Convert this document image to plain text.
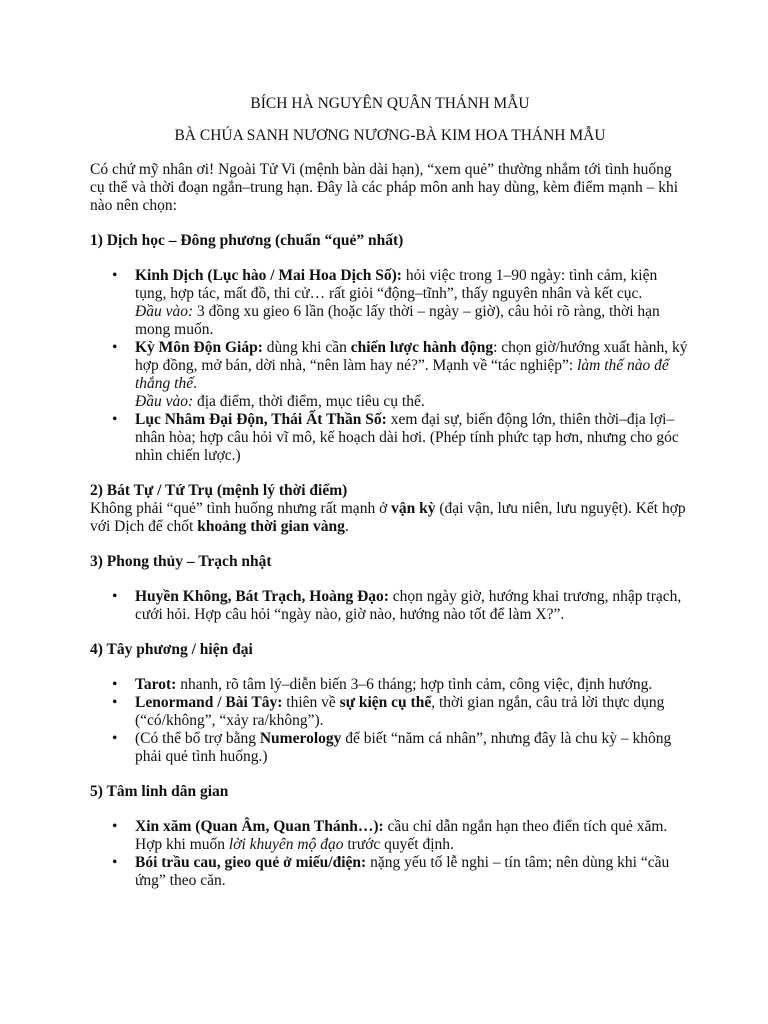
BÍCH HÀ NGUYÊN QUÂN THÁNH MẪU

BÀ CHÚA SANH NƯƠNG NƯƠNG-BÀ KIM HOA THÁNH MẪU

Có chứ mỹ nhân ơi! Ngoài Tử Vi (mệnh bàn dài hạn), “xem quẻ” thường nhắm tới tình huống cụ thể và thời đoạn ngắn–trung hạn. Đây là các pháp môn anh hay dùng, kèm điểm mạnh – khi nào nên chọn:

1) Dịch học – Đông phương (chuẩn “quẻ” nhất)

• Kinh Dịch (Lục hào / Mai Hoa Dịch Số): hỏi việc trong 1–90 ngày: tình cảm, kiện tụng, hợp tác, mất đồ, thi cử… rất giỏi “động–tĩnh”, thấy nguyên nhân và kết cục.
Đầu vào: 3 đồng xu gieo 6 lần (hoặc lấy thời – ngày – giờ), câu hỏi rõ ràng, thời hạn mong muốn.
• Kỳ Môn Độn Giáp: dùng khi cần chiến lược hành động: chọn giờ/hướng xuất hành, ký hợp đồng, mở bán, dời nhà, “nên làm hay né?”. Mạnh về “tác nghiệp”: làm thế nào để thắng thế.
Đầu vào: địa điểm, thời điểm, mục tiêu cụ thể.
• Lục Nhâm Đại Độn, Thái Ất Thần Số: xem đại sự, biến động lớn, thiên thời–địa lợi–nhân hòa; hợp câu hỏi vĩ mô, kế hoạch dài hơi. (Phép tính phức tạp hơn, nhưng cho góc nhìn chiến lược.)

2) Bát Tự / Tứ Trụ (mệnh lý thời điểm)

Không phải “quẻ” tình huống nhưng rất mạnh ở vận kỳ (đại vận, lưu niên, lưu nguyệt). Kết hợp với Dịch để chốt khoảng thời gian vàng.

3) Phong thủy – Trạch nhật

• Huyền Không, Bát Trạch, Hoàng Đạo: chọn ngày giờ, hướng khai trương, nhập trạch, cưới hỏi. Hợp câu hỏi “ngày nào, giờ nào, hướng nào tốt để làm X?”.

4) Tây phương / hiện đại

• Tarot: nhanh, rõ tâm lý–diễn biến 3–6 tháng; hợp tình cảm, công việc, định hướng.
• Lenormand / Bài Tây: thiên về sự kiện cụ thể, thời gian ngắn, câu trả lời thực dụng (“có/không”, “xảy ra/không”).
• (Có thể bổ trợ bằng Numerology để biết “năm cá nhân”, nhưng đây là chu kỳ – không phải quẻ tình huống.)

5) Tâm linh dân gian

• Xin xăm (Quan Âm, Quan Thánh…): cầu chỉ dẫn ngắn hạn theo điển tích quẻ xăm. Hợp khi muốn lời khuyên mộ đạo trước quyết định.
• Bói trầu cau, gieo quẻ ở miếu/điện: nặng yếu tố lễ nghi – tín tâm; nên dùng khi “cầu ứng” theo căn.
